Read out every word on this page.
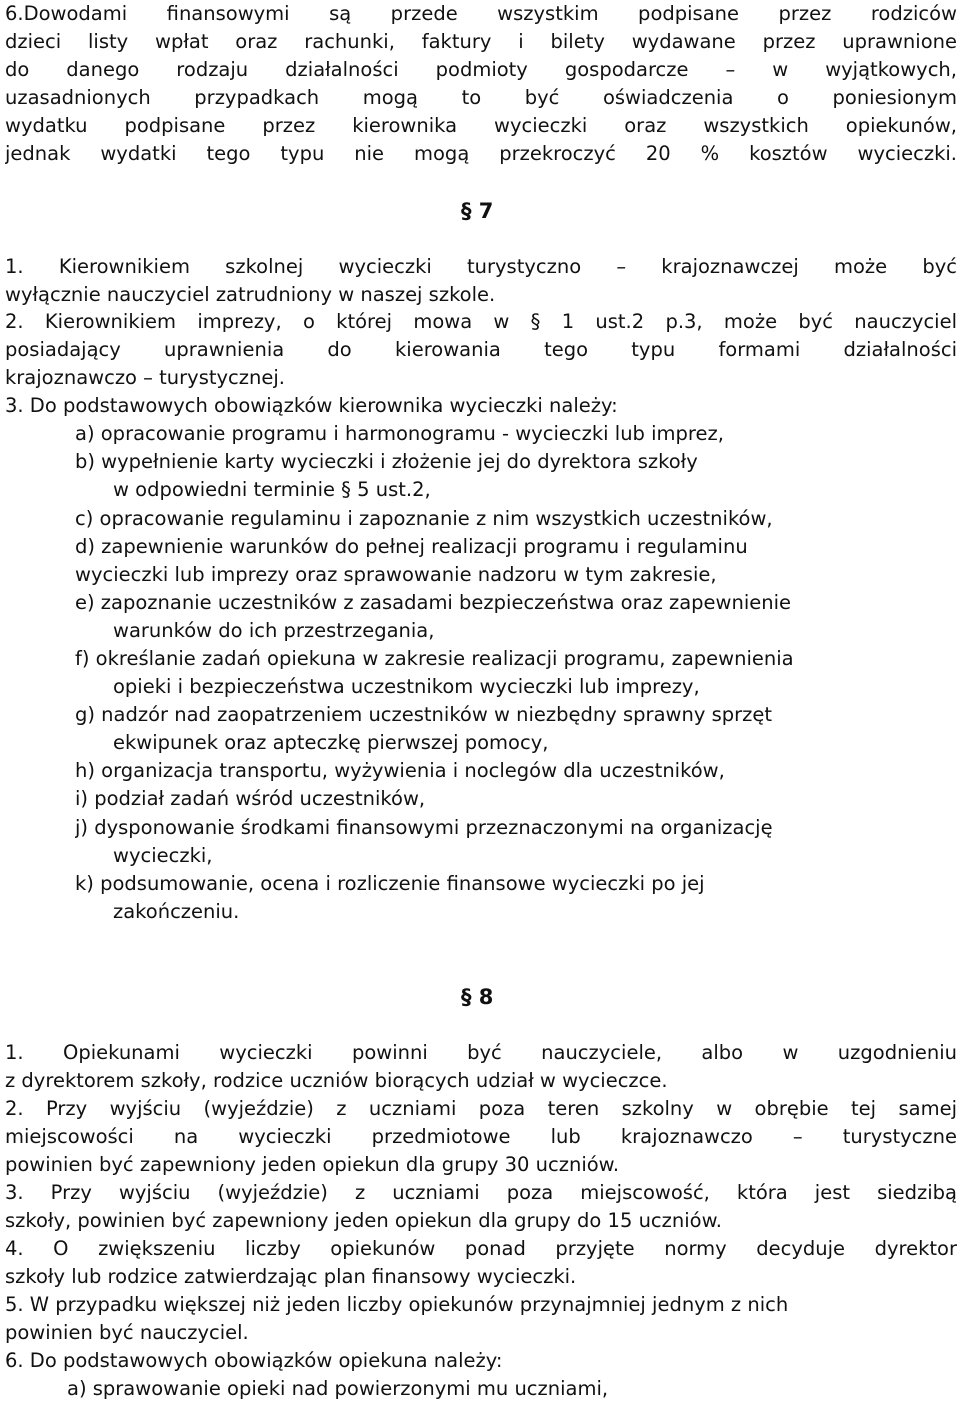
6.Dowodami finansowymi są przede wszystkim podpisane przez rodziców
dzieci listy wpłat oraz rachunki, faktury i bilety wydawane przez uprawnione
do danego rodzaju działalności podmioty gospodarcze – w wyjątkowych,
uzasadnionych przypadkach mogą to być oświadczenia o poniesionym
wydatku podpisane przez kierownika wycieczki oraz wszystkich opiekunów,
jednak wydatki tego typu nie mogą przekroczyć 20 % kosztów wycieczki.
§ 7
1. Kierownikiem szkolnej wycieczki turystyczno – krajoznawczej może być
wyłącznie nauczyciel zatrudniony w naszej szkole.
2. Kierownikiem imprezy, o której mowa w § 1 ust.2 p.3, może być nauczyciel
posiadający uprawnienia do kierowania tego typu formami działalności
krajoznawczo – turystycznej.
3. Do podstawowych obowiązków kierownika wycieczki należy:
a) opracowanie programu i harmonogramu - wycieczki lub imprez,
b) wypełnienie karty wycieczki i złożenie jej do dyrektora szkoły
w odpowiedni terminie § 5 ust.2,
c) opracowanie regulaminu i zapoznanie z nim wszystkich uczestników,
d) zapewnienie warunków do pełnej realizacji programu i regulaminu
wycieczki lub imprezy oraz sprawowanie nadzoru w tym zakresie,
e) zapoznanie uczestników z zasadami bezpieczeństwa oraz zapewnienie
warunków do ich przestrzegania,
f) określanie zadań opiekuna w zakresie realizacji programu, zapewnienia
opieki i bezpieczeństwa uczestnikom wycieczki lub imprezy,
g) nadzór nad zaopatrzeniem uczestników w niezbędny sprawny sprzęt
ekwipunek oraz apteczkę pierwszej pomocy,
h) organizacja transportu, wyżywienia i noclegów dla uczestników,
i) podział zadań wśród uczestników,
j) dysponowanie środkami finansowymi przeznaczonymi na organizację
wycieczki,
k) podsumowanie, ocena i rozliczenie finansowe wycieczki po jej
zakończeniu.
§ 8
1. Opiekunami wycieczki powinni być nauczyciele, albo w uzgodnieniu
z dyrektorem szkoły, rodzice uczniów biorących udział w wycieczce.
2. Przy wyjściu (wyjeździe) z uczniami poza teren szkolny w obrębie tej samej
miejscowości na wycieczki przedmiotowe lub krajoznawczo – turystyczne
powinien być zapewniony jeden opiekun dla grupy 30 uczniów.
3. Przy wyjściu (wyjeździe) z uczniami poza miejscowość, która jest siedzibą
szkoły, powinien być zapewniony jeden opiekun dla grupy do 15 uczniów.
4. O zwiększeniu liczby opiekunów ponad przyjęte normy decyduje dyrektor
szkoły lub rodzice zatwierdzając plan finansowy wycieczki.
5. W przypadku większej niż jeden liczby opiekunów przynajmniej jednym z nich
powinien być nauczyciel.
6. Do podstawowych obowiązków opiekuna należy:
a) sprawowanie opieki nad powierzonymi mu uczniami,
